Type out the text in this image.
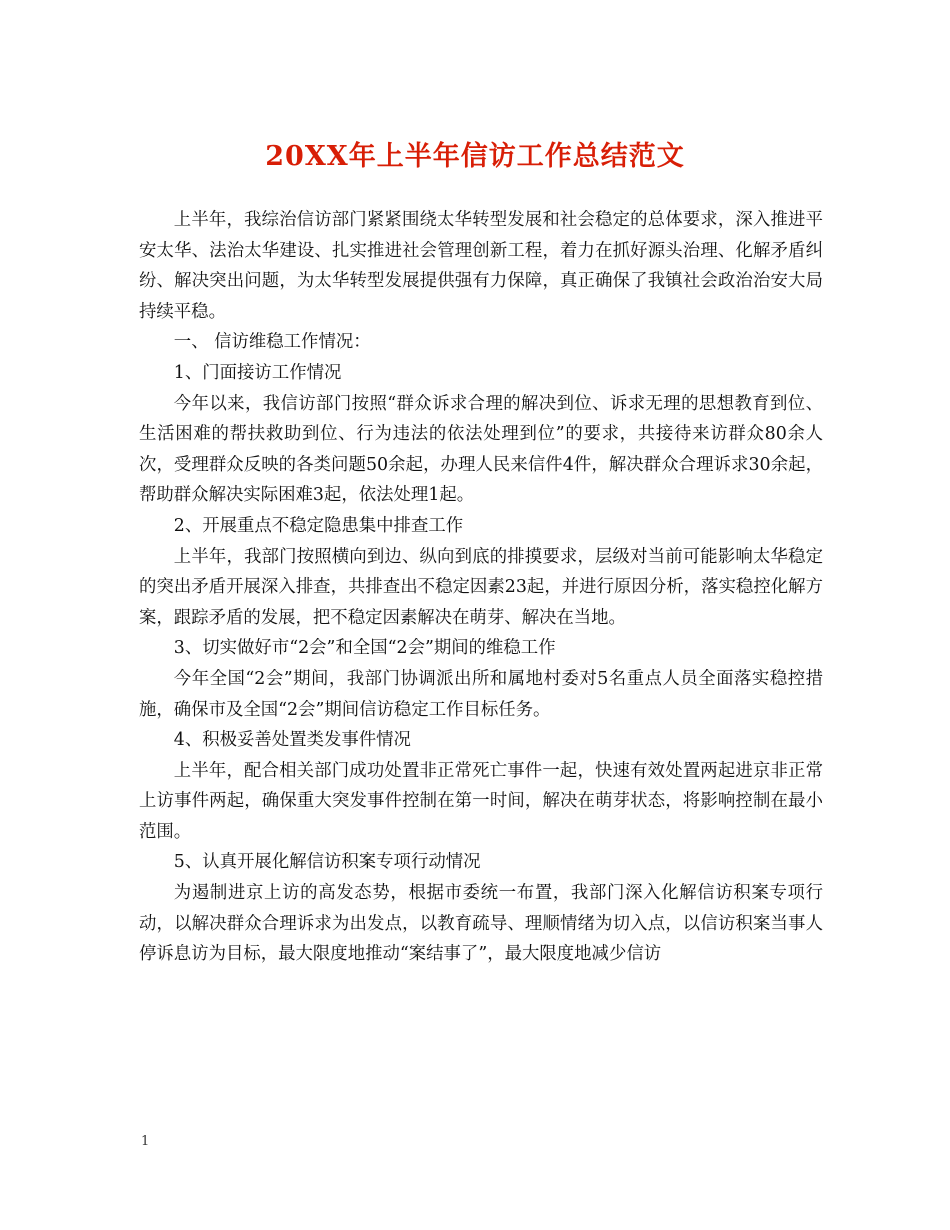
20XX年上半年信访工作总结范文

上半年，我综治信访部门紧紧围绕太华转型发展和社会稳定的总体要求，深入推进平安太华、法治太华建设、扎实推进社会管理创新工程，着力在抓好源头治理、化解矛盾纠纷、解决突出问题，为太华转型发展提供强有力保障，真正确保了我镇社会政治治安大局持续平稳。

一、 信访维稳工作情况：

1、门面接访工作情况

今年以来，我信访部门按照“群众诉求合理的解决到位、诉求无理的思想教育到位、生活困难的帮扶救助到位、行为违法的依法处理到位”的要求，共接待来访群众80余人次，受理群众反映的各类问题50余起，办理人民来信件4件，解决群众合理诉求30余起，帮助群众解决实际困难3起，依法处理1起。

2、开展重点不稳定隐患集中排查工作

上半年，我部门按照横向到边、纵向到底的排摸要求，层级对当前可能影响太华稳定的突出矛盾开展深入排查，共排查出不稳定因素23起，并进行原因分析，落实稳控化解方案，跟踪矛盾的发展，把不稳定因素解决在萌芽、解决在当地。

3、切实做好市“2会”和全国“2会”期间的维稳工作

今年全国“2会”期间，我部门协调派出所和属地村委对5名重点人员全面落实稳控措施，确保市及全国“2会”期间信访稳定工作目标任务。

4、积极妥善处置类发事件情况

上半年，配合相关部门成功处置非正常死亡事件一起，快速有效处置两起进京非正常上访事件两起，确保重大突发事件控制在第一时间，解决在萌芽状态，将影响控制在最小范围。

5、认真开展化解信访积案专项行动情况

为遏制进京上访的高发态势，根据市委统一布置，我部门深入化解信访积案专项行动，以解决群众合理诉求为出发点，以教育疏导、理顺情绪为切入点，以信访积案当事人停诉息访为目标，最大限度地推动“案结事了”，最大限度地减少信访

1
